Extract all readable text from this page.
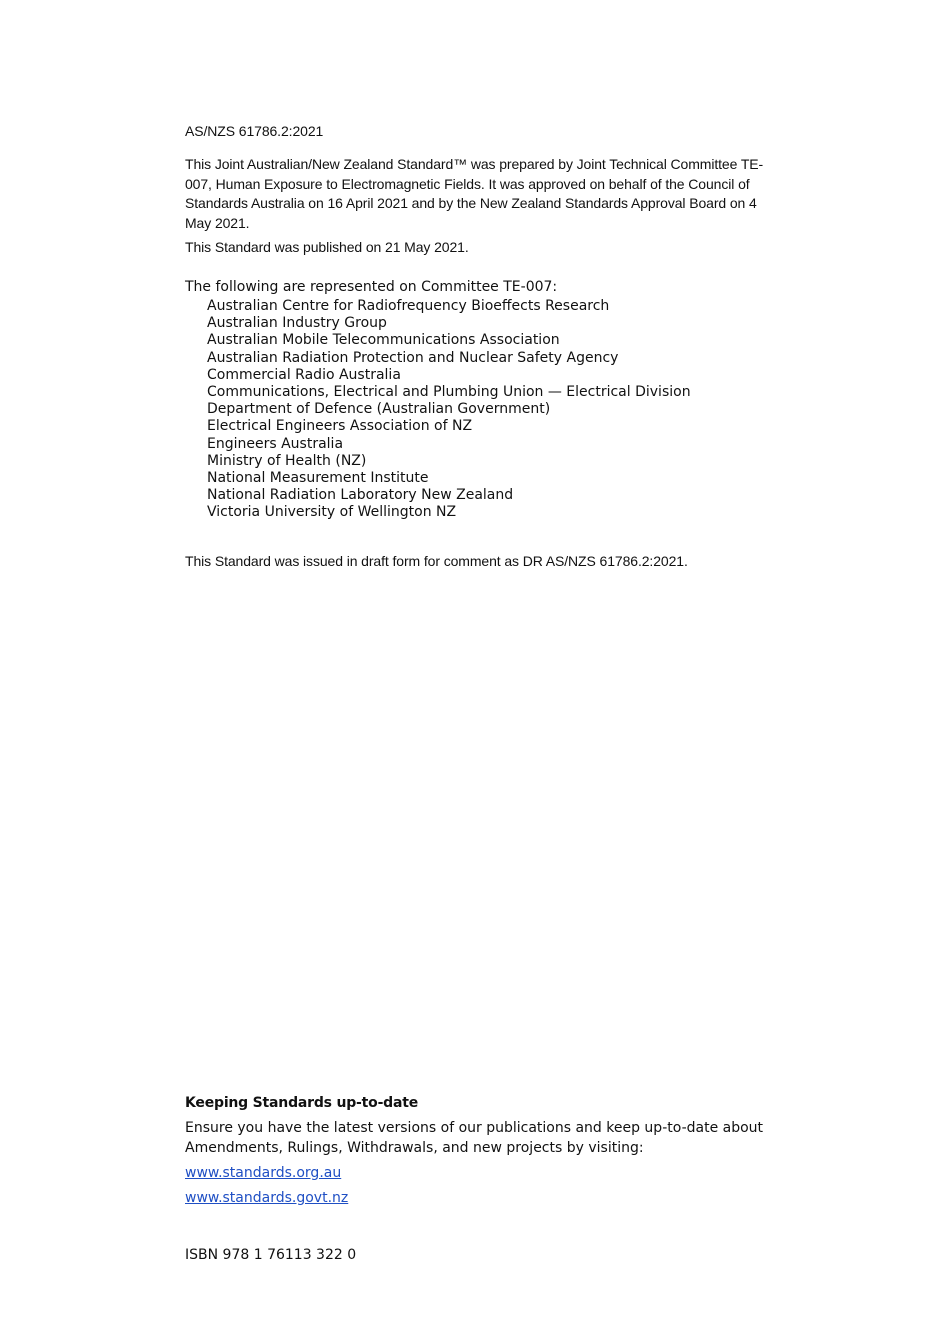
AS/NZS 61786.2:2021

This Joint Australian/New Zealand Standard™ was prepared by Joint Technical Committee TE-007, Human Exposure to Electromagnetic Fields. It was approved on behalf of the Council of Standards Australia on 16 April 2021 and by the New Zealand Standards Approval Board on 4 May 2021.

This Standard was published on 21 May 2021.

The following are represented on Committee TE-007:

Australian Centre for Radiofrequency Bioeffects Research
Australian Industry Group
Australian Mobile Telecommunications Association
Australian Radiation Protection and Nuclear Safety Agency
Commercial Radio Australia
Communications, Electrical and Plumbing Union — Electrical Division
Department of Defence (Australian Government)
Electrical Engineers Association of NZ
Engineers Australia
Ministry of Health (NZ)
National Measurement Institute
National Radiation Laboratory New Zealand
Victoria University of Wellington NZ

This Standard was issued in draft form for comment as DR AS/NZS 61786.2:2021.

Keeping Standards up-to-date

Ensure you have the latest versions of our publications and keep up-to-date about Amendments, Rulings, Withdrawals, and new projects by visiting:

www.standards.org.au
www.standards.govt.nz

ISBN 978 1 76113 322 0
